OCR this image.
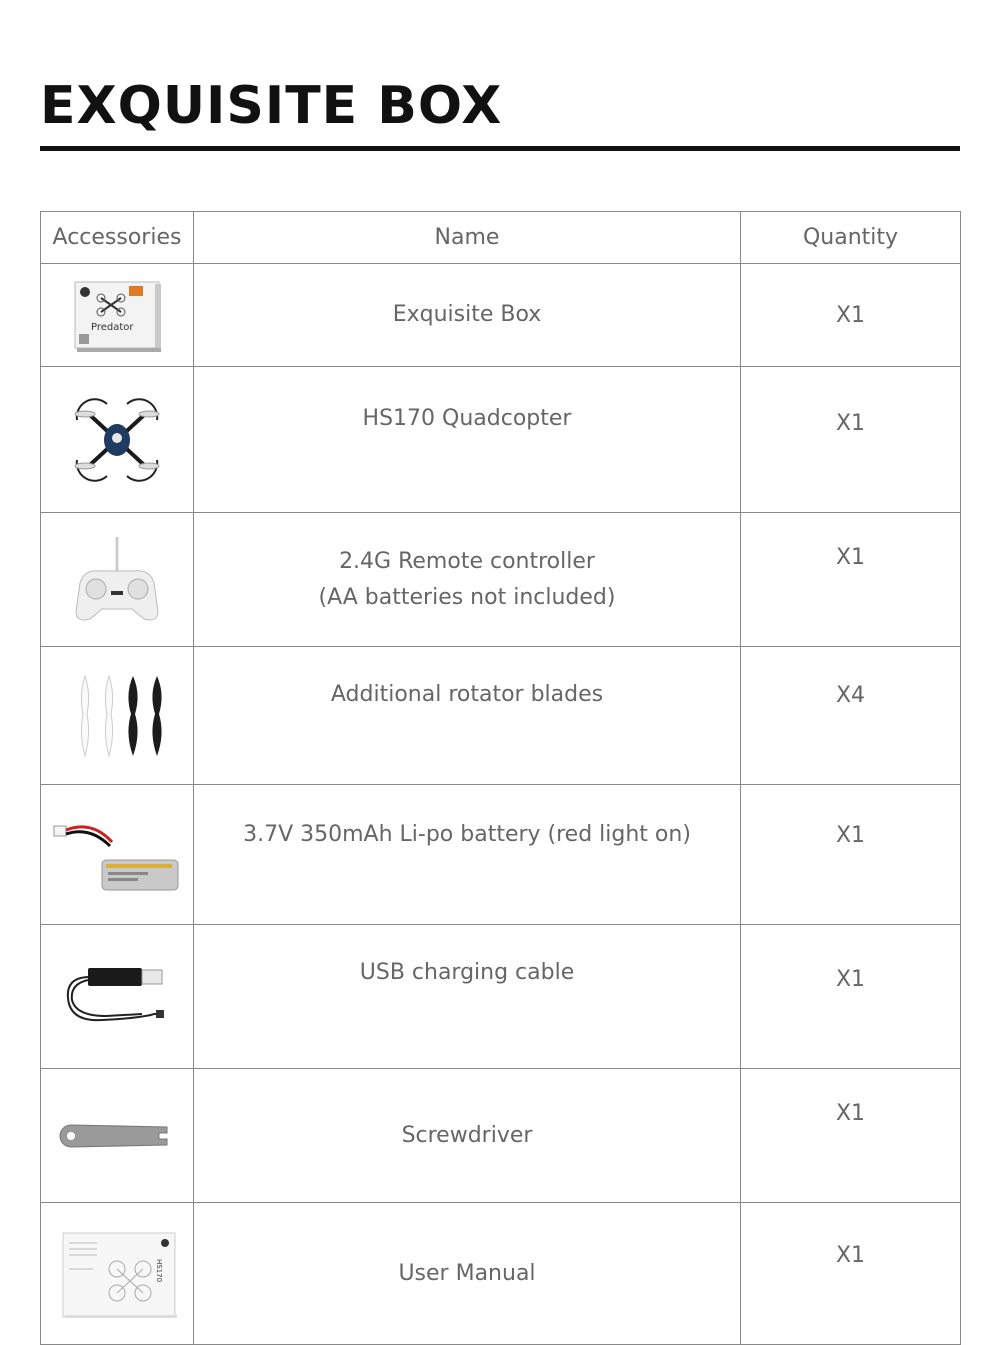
EXQUISITE BOX
Accessories	Name	Quantity

Predator	Exquisite Box	X1

HS170 Quadcopter	X1

2.4G Remote controller
(AA batteries not included)	X1

Additional rotator blades	X4

3.7V 350mAh Li-po battery (red light on)	X1

USB charging cable	X1

Screwdriver	X1

HS170	User Manual	X1
